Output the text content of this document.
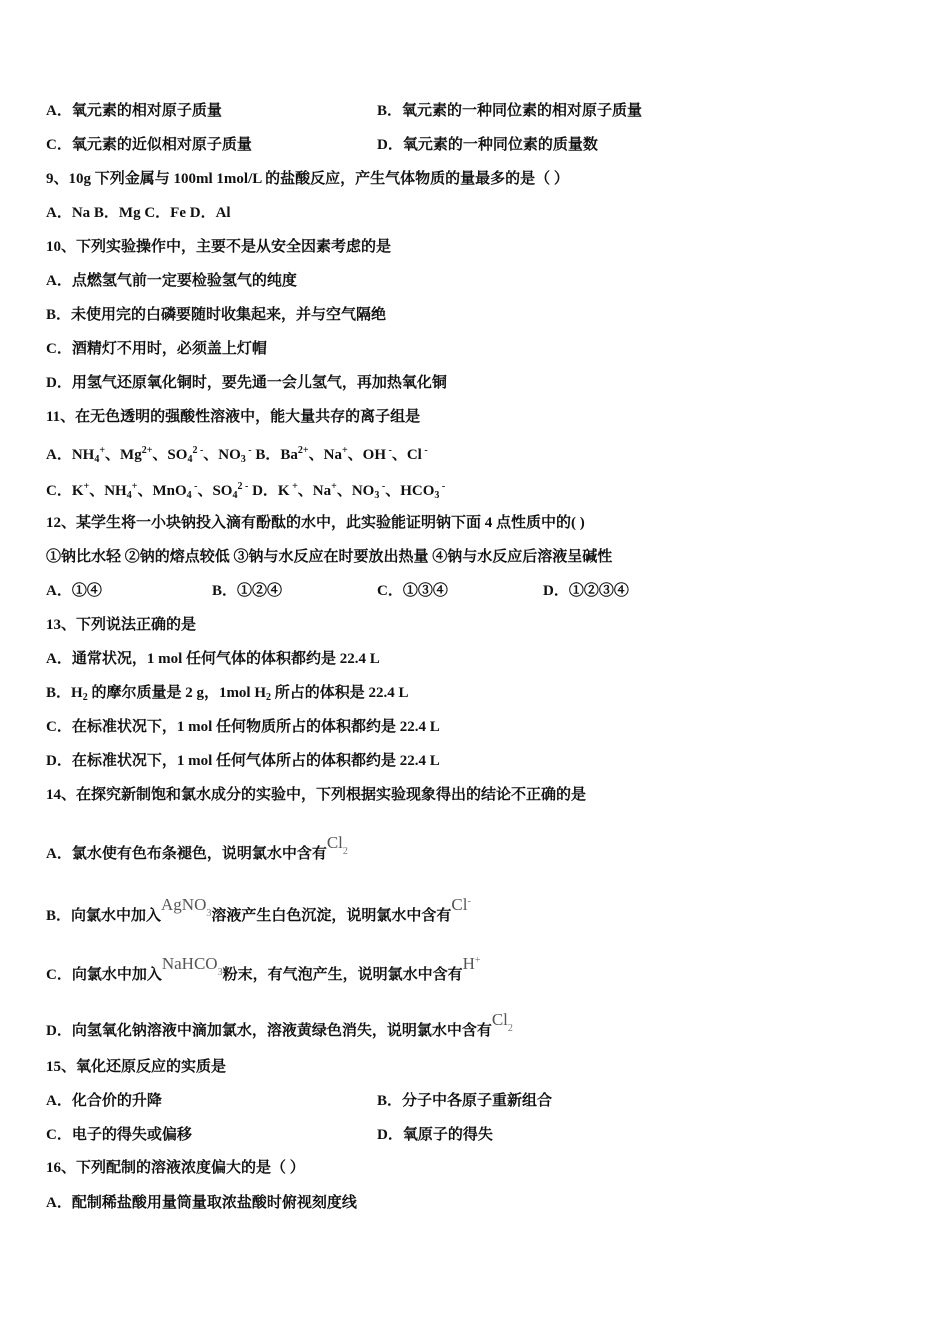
A．氧元素的相对原子质量	B．氧元素的一种同位素的相对原子质量
C．氧元素的近似相对原子质量	D．氧元素的一种同位素的质量数
9、10g 下列金属与 100ml 1mol/L 的盐酸反应，产生气体物质的量最多的是（ ）
A．Na B．Mg C．Fe D．Al
10、下列实验操作中，主要不是从安全因素考虑的是
A．点燃氢气前一定要检验氢气的纯度
B．未使用完的白磷要随时收集起来，并与空气隔绝
C．酒精灯不用时，必须盖上灯帽
D．用氢气还原氧化铜时，要先通一会儿氢气，再加热氧化铜
11、在无色透明的强酸性溶液中，能大量共存的离子组是
A．$NH_4^+$、$Mg^{2+}$、$SO_4^{2 -}$、$NO_3$ - B．$Ba^{2+}$、Na+、OH -、Cl -
C．K+、$NH_4^+$、MnO$_4$ -、$SO_4^{2 -}$ D．K +、Na+、$NO_3$ -、$HCO_3$ -
12、某学生将一小块钠投入滴有酚酞的水中，此实验能证明钠下面 4 点性质中的( )
①钠比水轻 ②钠的熔点较低 ③钠与水反应在时要放出热量 ④钠与水反应后溶液呈碱性
A．①④	B．①②④	C．①③④	D．①②③④
13、下列说法正确的是
A．通常状况，1 mol 任何气体的体积都约是 22.4 L
B．$H_2$ 的摩尔质量是 2 g，1mol $H_2$ 所占的体积是 22.4 L
C．在标准状况下，1 mol 任何物质所占的体积都约是 22.4 L
D．在标准状况下，1 mol 任何气体所占的体积都约是 22.4 L
14、在探究新制饱和氯水成分的实验中，下列根据实验现象得出的结论不正确的是
A．氯水使有色布条褪色，说明氯水中含有Cl$^2$
B．向氯水中加入AgNO$^3$溶液产生白色沉淀，说明氯水中含有Cl-
C．向氯水中加入NaHCO$^3$粉末，有气泡产生，说明氯水中含有H+
D．向氢氧化钠溶液中滴加氯水，溶液黄绿色消失，说明氯水中含有Cl$^2$
15、氧化还原反应的实质是
A．化合价的升降	B．分子中各原子重新组合
C．电子的得失或偏移	D．氧原子的得失
16、下列配制的溶液浓度偏大的是（ ）
A．配制稀盐酸用量筒量取浓盐酸时俯视刻度线
